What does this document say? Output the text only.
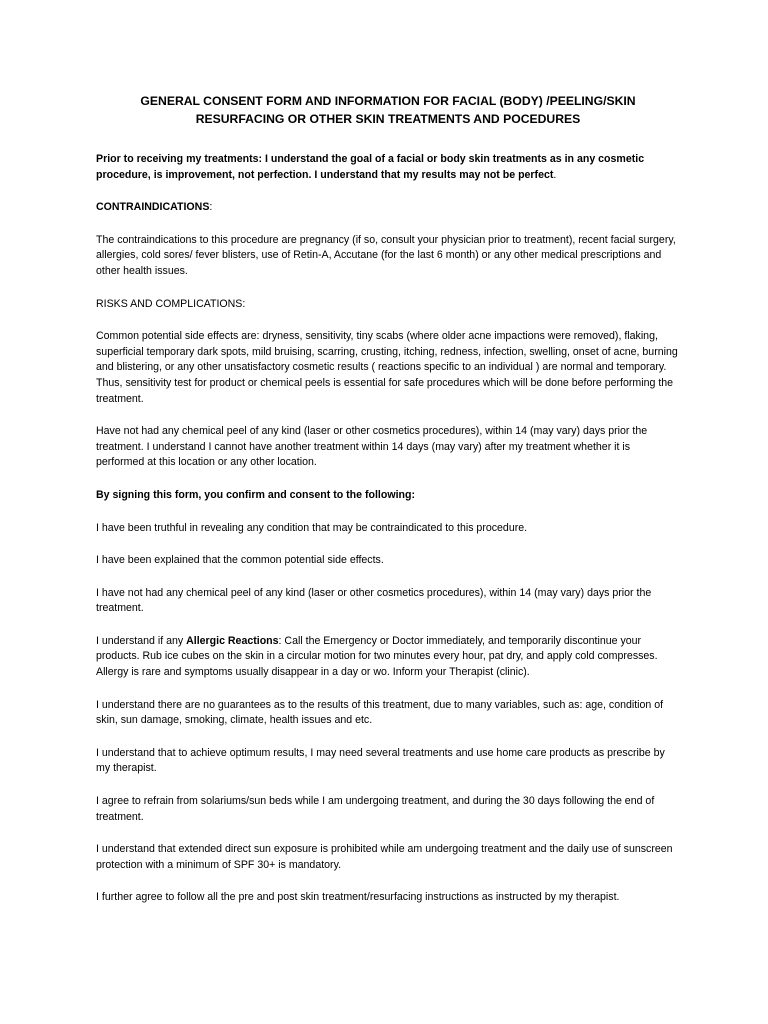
GENERAL CONSENT FORM AND INFORMATION FOR FACIAL (BODY) /PEELING/SKIN
RESURFACING OR OTHER SKIN TREATMENTS AND POCEDURES

Prior to receiving my treatments: I understand the goal of a facial or body skin treatments as in any cosmetic procedure, is improvement, not perfection. I understand that my results may not be perfect.

CONTRAINDICATIONS:

The contraindications to this procedure are pregnancy (if so, consult your physician prior to treatment), recent facial surgery, allergies, cold sores/ fever blisters, use of Retin-A, Accutane (for the last 6 month) or any other medical prescriptions and other health issues.

RISKS AND COMPLICATIONS:

Common potential side effects are: dryness, sensitivity, tiny scabs (where older acne impactions were removed), flaking, superficial temporary dark spots, mild bruising, scarring, crusting, itching, redness, infection, swelling, onset of acne, burning and blistering, or any other unsatisfactory cosmetic results ( reactions specific to an individual ) are normal and temporary. Thus, sensitivity test for product or chemical peels is essential for safe procedures which will be done before performing the treatment.

Have not had any chemical peel of any kind (laser or other cosmetics procedures), within 14 (may vary) days prior the treatment. I understand I cannot have another treatment within 14 days (may vary) after my treatment whether it is performed at this location or any other location.

By signing this form, you confirm and consent to the following:

I have been truthful in revealing any condition that may be contraindicated to this procedure.

I have been explained that the common potential side effects.

I have not had any chemical peel of any kind (laser or other cosmetics procedures), within 14 (may vary) days prior the treatment.

I understand if any Allergic Reactions: Call the Emergency or Doctor immediately, and temporarily discontinue your products. Rub ice cubes on the skin in a circular motion for two minutes every hour, pat dry, and apply cold compresses. Allergy is rare and symptoms usually disappear in a day or wo. Inform your Therapist (clinic).

I understand there are no guarantees as to the results of this treatment, due to many variables, such as: age, condition of skin, sun damage, smoking, climate, health issues and etc.

I understand that to achieve optimum results, I may need several treatments and use home care products as prescribe by my therapist.

I agree to refrain from solariums/sun beds while I am undergoing treatment, and during the 30 days following the end of treatment.

I understand that extended direct sun exposure is prohibited while am undergoing treatment and the daily use of sunscreen protection with a minimum of SPF 30+ is mandatory.

I further agree to follow all the pre and post skin treatment/resurfacing instructions as instructed by my therapist.
